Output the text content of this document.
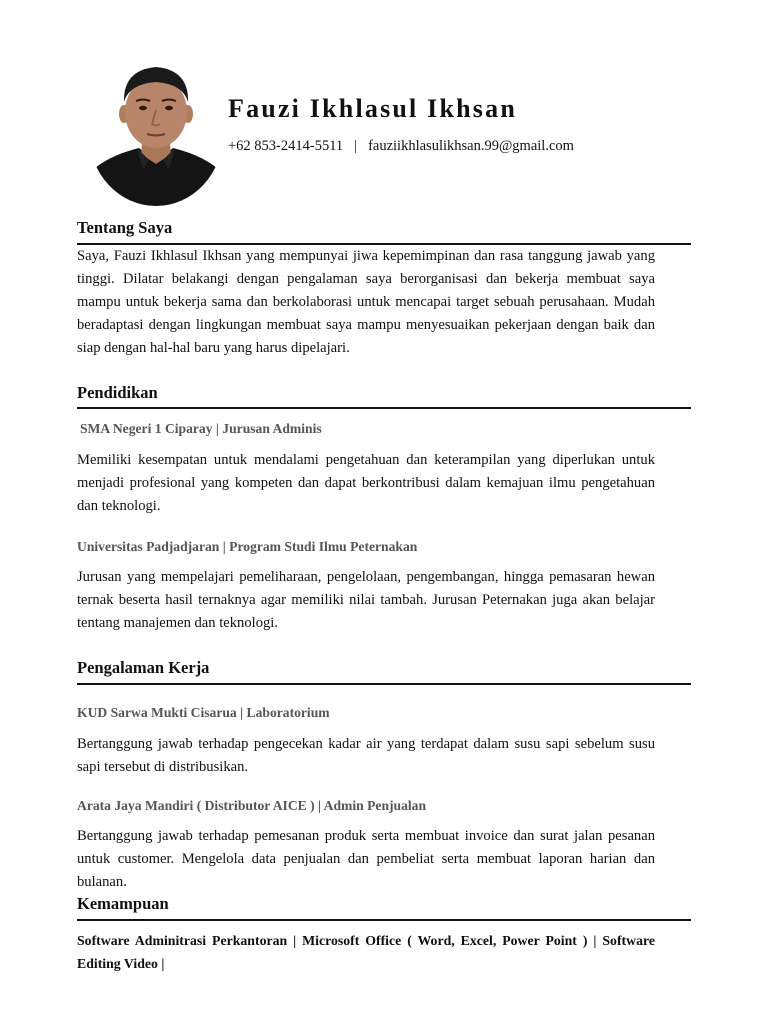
Fauzi Ikhlasul Ikhsan
+62 853-2414-5511 | fauziikhlasulikhsan.99@gmail.com
Tentang Saya

Saya, Fauzi Ikhlasul Ikhsan yang mempunyai jiwa kepemimpinan dan rasa tanggung jawab yang tinggi. Dilatar belakangi dengan pengalaman saya berorganisasi dan bekerja membuat saya mampu untuk bekerja sama dan berkolaborasi untuk mencapai target sebuah perusahaan. Mudah beradaptasi dengan lingkungan membuat saya mampu menyesuaikan pekerjaan dengan baik dan siap dengan hal-hal baru yang harus dipelajari.

Pendidikan
SMA Negeri 1 Ciparay | Jurusan Adminis

Memiliki kesempatan untuk mendalami pengetahuan dan keterampilan yang diperlukan untuk menjadi profesional yang kompeten dan dapat berkontribusi dalam kemajuan ilmu pengetahuan dan teknologi.

Universitas Padjadjaran | Program Studi Ilmu Peternakan

Jurusan yang mempelajari pemeliharaan, pengelolaan, pengembangan, hingga pemasaran hewan ternak beserta hasil ternaknya agar memiliki nilai tambah. Jurusan Peternakan juga akan belajar tentang manajemen dan teknologi.

Pengalaman Kerja
KUD Sarwa Mukti Cisarua | Laboratorium

Bertanggung jawab terhadap pengecekan kadar air yang terdapat dalam susu sapi sebelum susu sapi tersebut di distribusikan.

Arata Jaya Mandiri ( Distributor AICE ) | Admin Penjualan

Bertanggung jawab terhadap pemesanan produk serta membuat invoice dan surat jalan pesanan untuk customer. Mengelola data penjualan dan pembeliat serta membuat laporan harian dan bulanan.

Kemampuan

Software Adminitrasi Perkantoran | Microsoft Office ( Word, Excel, Power Point ) | Software Editing Video |
